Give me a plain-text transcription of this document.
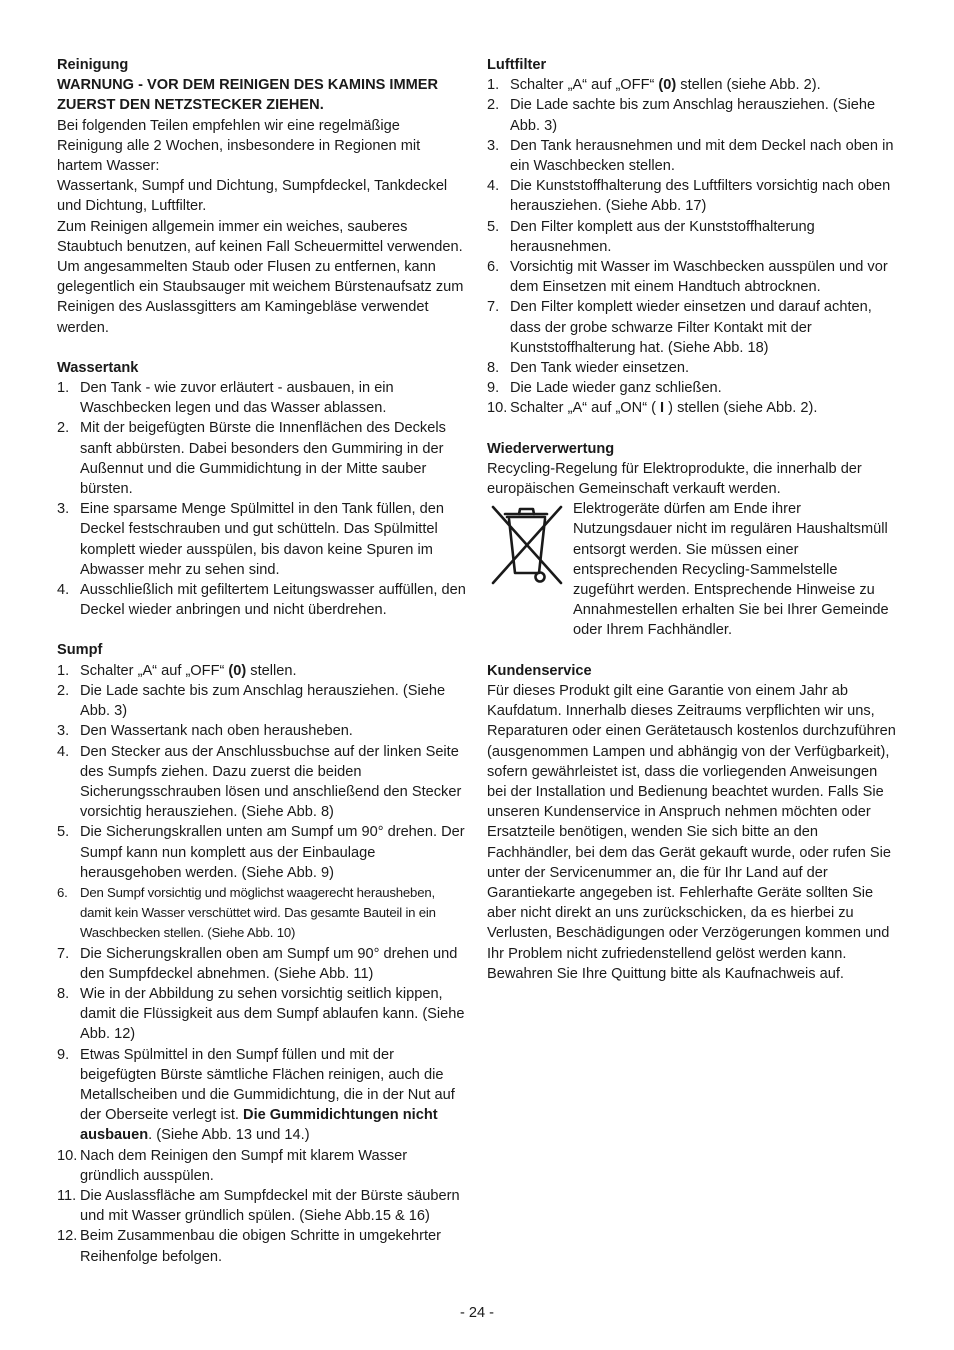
Reinigung

WARNUNG - VOR DEM REINIGEN DES KAMINS IMMER

ZUERST DEN NETZSTECKER ZIEHEN.

Bei folgenden Teilen empfehlen wir eine regelmäßige Reinigung alle 2 Wochen, insbesondere in Regionen mit hartem Wasser:

Wassertank, Sumpf und Dichtung, Sumpfdeckel, Tankdeckel und Dichtung, Luftfilter.

Zum Reinigen allgemein immer ein weiches, sauberes Staubtuch benutzen, auf keinen Fall Scheuermittel verwenden. Um angesammelten Staub oder Flusen zu entfernen, kann gelegentlich ein Staubsauger mit weichem Bürstenaufsatz zum Reinigen des Auslassgitters am Kamingebläse verwendet werden.

Wassertank

1. Den Tank - wie zuvor erläutert - ausbauen, in ein Waschbecken legen und das Wasser ablassen.
2. Mit der beigefügten Bürste die Innenflächen des Deckels sanft abbürsten. Dabei besonders den Gummiring in der Außennut und die Gummidichtung in der Mitte sauber bürsten.
3. Eine sparsame Menge Spülmittel in den Tank füllen, den Deckel festschrauben und gut schütteln. Das Spülmittel komplett wieder ausspülen, bis davon keine Spuren im Abwasser mehr zu sehen sind.
4. Ausschließlich mit gefiltertem Leitungswasser auffüllen, den Deckel wieder anbringen und nicht überdrehen.

Sumpf

1. Schalter „A“ auf „OFF“ (0) stellen.
2. Die Lade sachte bis zum Anschlag herausziehen. (Siehe Abb. 3)
3. Den Wassertank nach oben herausheben.
4. Den Stecker aus der Anschlussbuchse auf der linken Seite des Sumpfs ziehen. Dazu zuerst die beiden Sicherungsschrauben lösen und anschließend den Stecker vorsichtig herausziehen. (Siehe Abb. 8)
5. Die Sicherungskrallen unten am Sumpf um 90° drehen. Der Sumpf kann nun komplett aus der Einbaulage herausgehoben werden. (Siehe Abb. 9)
6. Den Sumpf vorsichtig und möglichst waagerecht herausheben, damit kein Wasser verschüttet wird. Das gesamte Bauteil in ein Waschbecken stellen. (Siehe Abb. 10)
7. Die Sicherungskrallen oben am Sumpf um 90° drehen und den Sumpfdeckel abnehmen. (Siehe Abb. 11)
8. Wie in der Abbildung zu sehen vorsichtig seitlich kippen, damit die Flüssigkeit aus dem Sumpf ablaufen kann. (Siehe Abb. 12)
9. Etwas Spülmittel in den Sumpf füllen und mit der beigefügten Bürste sämtliche Flächen reinigen, auch die Metallscheiben und die Gummidichtung, die in der Nut auf der Oberseite verlegt ist. Die Gummidichtungen nicht ausbauen. (Siehe Abb. 13 und 14.)
10. Nach dem Reinigen den Sumpf mit klarem Wasser gründlich ausspülen.
11. Die Auslassfläche am Sumpfdeckel mit der Bürste säubern und mit Wasser gründlich spülen. (Siehe Abb.15 & 16)
12. Beim Zusammenbau die obigen Schritte in umgekehrter Reihenfolge befolgen.

Luftfilter

1. Schalter „A“ auf „OFF“ (0) stellen (siehe Abb. 2).
2. Die Lade sachte bis zum Anschlag herausziehen. (Siehe Abb. 3)
3. Den Tank herausnehmen und mit dem Deckel nach oben in ein Waschbecken stellen.
4. Die Kunststoffhalterung des Luftfilters vorsichtig nach oben herausziehen. (Siehe Abb. 17)
5. Den Filter komplett aus der Kunststoffhalterung herausnehmen.
6. Vorsichtig mit Wasser im Waschbecken ausspülen und vor dem Einsetzen mit einem Handtuch abtrocknen.
7. Den Filter komplett wieder einsetzen und darauf achten, dass der grobe schwarze Filter Kontakt mit der Kunststoffhalterung hat. (Siehe Abb. 18)
8. Den Tank wieder einsetzen.
9. Die Lade wieder ganz schließen.
10. Schalter „A“ auf „ON“ ( I ) stellen (siehe Abb. 2).

Wiederverwertung

Recycling-Regelung für Elektroprodukte, die innerhalb der europäischen Gemeinschaft verkauft werden.

Elektrogeräte dürfen am Ende ihrer Nutzungsdauer nicht im regulären Haushaltsmüll entsorgt werden. Sie müssen einer entsprechenden Recycling-Sammelstelle zugeführt werden. Entsprechende Hinweise zu Annahmestellen erhalten Sie bei Ihrer Gemeinde oder Ihrem Fachhändler.

Kundenservice

Für dieses Produkt gilt eine Garantie von einem Jahr ab Kaufdatum. Innerhalb dieses Zeitraums verpflichten wir uns, Reparaturen oder einen Gerätetausch kostenlos durchzuführen (ausgenommen Lampen und abhängig von der Verfügbarkeit), sofern gewährleistet ist, dass die vorliegenden Anweisungen bei der Installation und Bedienung beachtet wurden. Falls Sie unseren Kundenservice in Anspruch nehmen möchten oder Ersatzteile benötigen, wenden Sie sich bitte an den Fachhändler, bei dem das Gerät gekauft wurde, oder rufen Sie unter der Servicenummer an, die für Ihr Land auf der Garantiekarte angegeben ist. Fehlerhafte Geräte sollten Sie aber nicht direkt an uns zurückschicken, da es hierbei zu Verlusten, Beschädigungen oder Verzögerungen kommen und Ihr Problem nicht zufriedenstellend gelöst werden kann.

Bewahren Sie Ihre Quittung bitte als Kaufnachweis auf.

- 24 -
